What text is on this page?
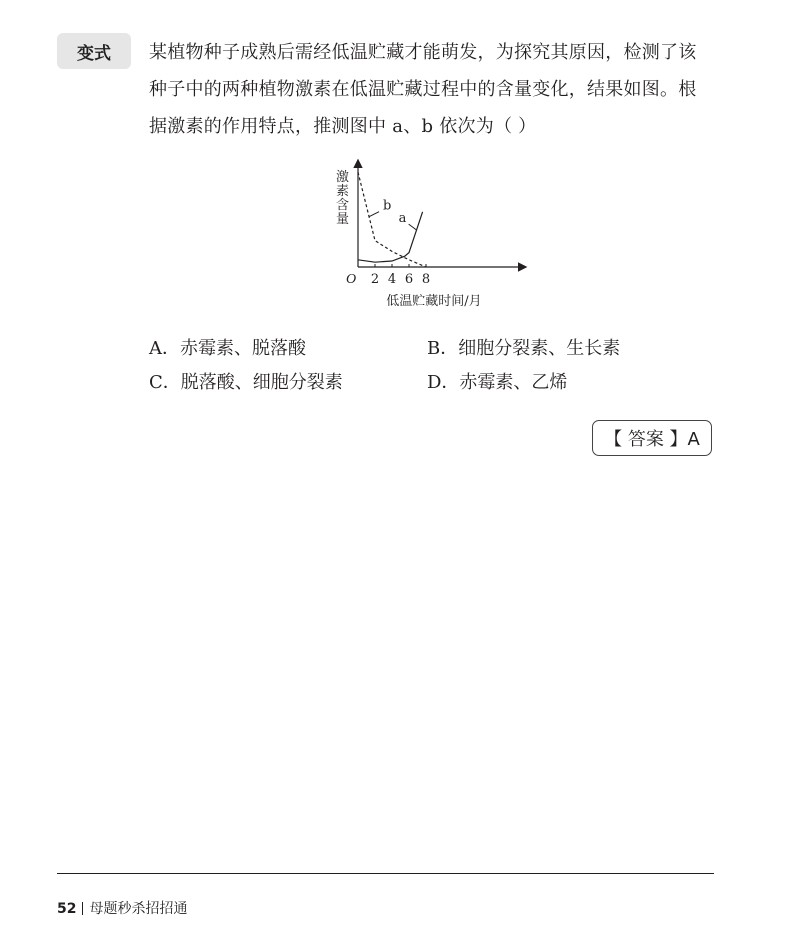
变式	某植物种子成熟后需经低温贮藏才能萌发，为探究其原因，检测了该
种子中的两种植物激素在低温贮藏过程中的含量变化，结果如图。根
据激素的作用特点，推测图中 a、b 依次为（ ）
激素含量
O 2 4 6 8
b
a
低温贮藏时间/月
A．赤霉素、脱落酸	B．细胞分裂素、生长素
C．脱落酸、细胞分裂素	D．赤霉素、乙烯
【 答案 】A
52 母题秒杀招招通
